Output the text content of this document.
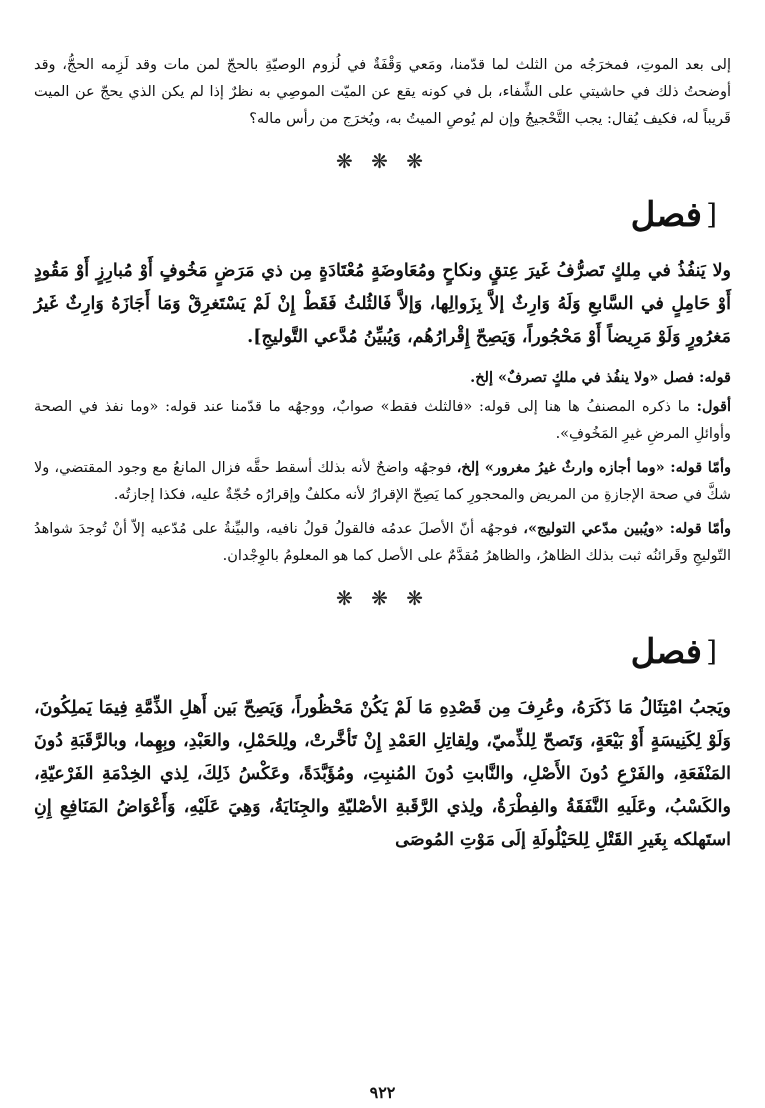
إلى بعد الموتِ، فمخرَجُه من الثلث لما قدّمنا، ومَعي وَقْفَةٌ في لُزوم الوصيّةِ بالحجّ لمن مات وقد لَزِمه الحجُّ، وقد أوضحتُ ذلك في حاشيتي على الشِّفاء، بل في كونه يقع عن الميّت الموصِي به نظرٌ إذا لم يكن الذي يحجّ عن الميت قَريباً له، فكيف يُقال: يجب التَّحْجيجُ وإن لم يُوصِ الميتُ به، ويُخرَج من رأس ماله؟

❋ ❋ ❋
[فصل

ولا يَنفُذُ في مِلكٍ تَصرُّفُ غَيرَ عِتقٍ ونكاحٍ ومُعَاوضَةٍ مُعْتَادَةٍ مِن ذي مَرَضٍ مَخُوفٍ أَوْ مُبارِزٍ أَوْ مَقُودٍ أَوْ حَامِلٍ في السَّابعِ وَلَهُ وَارِثٌ إلاَّ بِزَوالِها، وَإلاَّ فَالثُلثُ فَقَطْ إِنْ لَمْ يَسْتَغرِقْ وَمَا أَجَازَهُ وَارِثٌ غَيرُ مَغرُورٍ وَلَوْ مَرِيضاً أَوْ مَحْجُوراً، وَيَصِحّ إِقْرارُهُم، وَيُبيِّنُ مُدَّعي التَّوليجِ].

قوله: فصل «ولا ينفُذ في ملكٍ تصرفٌ» إلخ.

أقول: ما ذكره المصنفُ ها هنا إلى قوله: «فالثلث فقط» صوابٌ، ووجهُه ما قدّمنا عند قوله: «وما نفذ في الصحة وأوائلِ المرضِ غيرِ المَخُوفِ».

وأمّا قوله: «وما أجازه وارثٌ غيرُ مغرور» إلخ، فوجهُه واضحٌ لأنه بذلك أسقط حقَّه فزال المانعُ مع وجود المقتضي، ولا شكَّ في صحة الإجازةِ من المريض والمحجورِ كما يَصِحّ الإقرارُ لأنه مكلفٌ وإقرارُه حُجّةٌ عليه، فكذا إجازتُه.

وأمّا قوله: «ويُبين مدّعي التوليج»، فوجهُه أنّ الأصلَ عدمُه فالقولُ قولُ نافيه، والبيِّنةُ على مُدّعيه إلاّ أنْ تُوجدَ شواهدُ التّوليجِ وقَرائنُه ثبت بذلك الظاهرُ، والظاهرُ مُقدَّمٌ على الأصل كما هو المعلومُ بالوِجْدان.

❋ ❋ ❋
[فصل

ويَجبُ امْتِثَالُ مَا ذَكَرَهُ، وعُرِفَ مِن قَصْدِهِ مَا لَمْ يَكُنْ مَحْظُوراً، وَيَصِحّ بَين أَهلِ الذِّمَّةِ فِيمَا يَملِكُونَ، وَلَوْ لِكَنِيسَةٍ أَوْ بَيْعَةٍ، وَتَصحّ لِلذِّميّ، ولِقاتِلِ العَمْدِ إِنْ تَأخَّرتْ، ولِلحَمْلِ، والعَبْدِ، وبِهِما، وبالرَّقَبَةِ دُونَ المَنْفَعَةِ، والفَرْعِ دُونَ الأَصْلِ، والنَّابتِ دُونَ المُنبِتِ، ومُؤَبَّدَةً، وعَكْسُ ذَلِكَ، لِذي الخِدْمَةِ الفَرْعيّةِ، والكَسْبُ، وعَلَيهِ النَّفَقَةُ والفِطْرَةُ، ولِذي الرَّقَبةِ الأصْليّةِ والجِنَايَةُ، وَهِيَ عَلَيْهِ، وَأَعْوَاضُ المَنَافِعِ إِنِ استَهلكه بِغَيرِ القَتْلِ لِلحَيْلُولَةِ إلَى مَوْتِ المُوصَى

٩٢٢
